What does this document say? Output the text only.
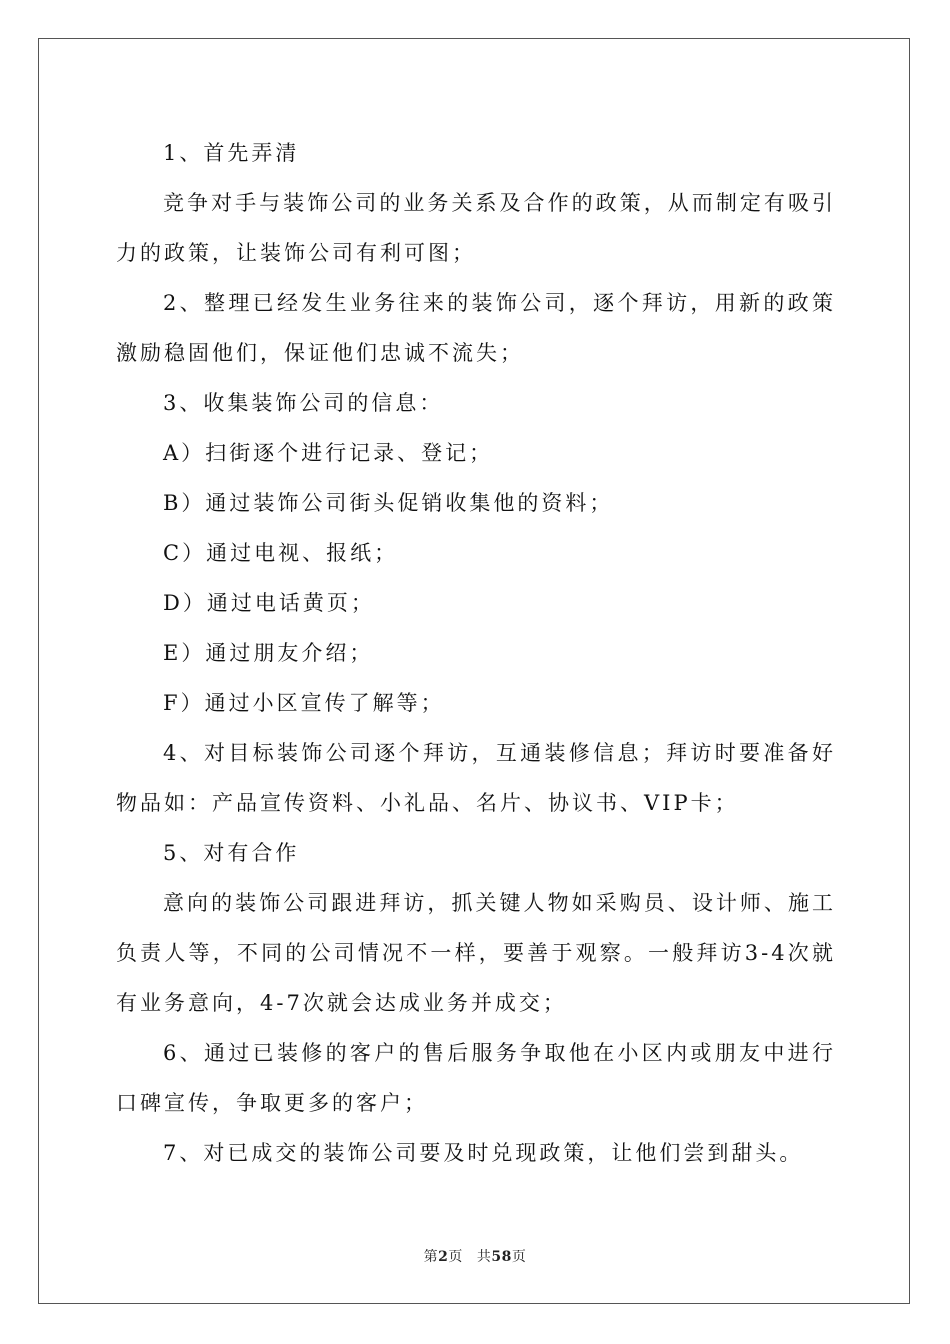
1、首先弄清

竞争对手与装饰公司的业务关系及合作的政策，从而制定有吸引力的政策，让装饰公司有利可图；

2、整理已经发生业务往来的装饰公司，逐个拜访，用新的政策激励稳固他们，保证他们忠诚不流失；

3、收集装饰公司的信息：

A）扫街逐个进行记录、登记；

B）通过装饰公司街头促销收集他的资料；

C）通过电视、报纸；

D）通过电话黄页；

E）通过朋友介绍；

F）通过小区宣传了解等；

4、对目标装饰公司逐个拜访，互通装修信息；拜访时要准备好物品如：产品宣传资料、小礼品、名片、协议书、VIP卡；

5、对有合作

意向的装饰公司跟进拜访，抓关键人物如采购员、设计师、施工负责人等，不同的公司情况不一样，要善于观察。一般拜访3-4次就有业务意向，4-7次就会达成业务并成交；

6、通过已装修的客户的售后服务争取他在小区内或朋友中进行口碑宣传，争取更多的客户；

7、对已成交的装饰公司要及时兑现政策，让他们尝到甜头。

第2页 共58页
